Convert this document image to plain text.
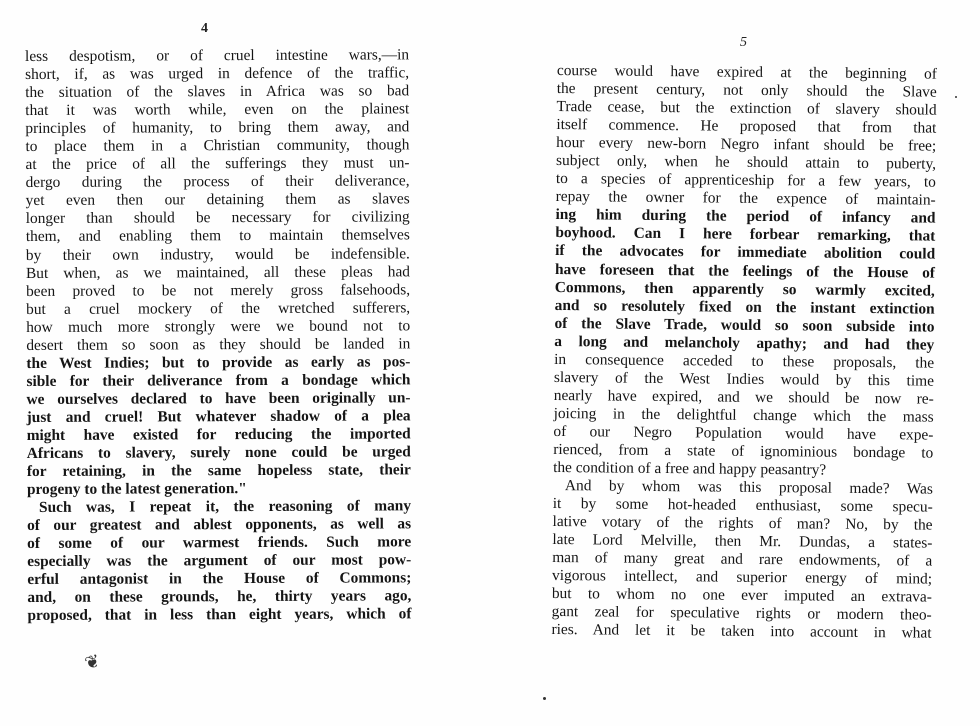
4
less despotism, or of cruel intestine wars,—in
short, if, as was urged in defence of the traffic,
the situation of the slaves in Africa was so bad
that it was worth while, even on the plainest
principles of humanity, to bring them away, and
to place them in a Christian community, though
at the price of all the sufferings they must un-
dergo during the process of their deliverance,
yet even then our detaining them as slaves
longer than should be necessary for civilizing
them, and enabling them to maintain themselves
by their own industry, would be indefensible.
But when, as we maintained, all these pleas had
been proved to be not merely gross falsehoods,
but a cruel mockery of the wretched sufferers,
how much more strongly were we bound not to
desert them so soon as they should be landed in
the West Indies; but to provide as early as pos-
sible for their deliverance from a bondage which
we ourselves declared to have been originally un-
just and cruel! But whatever shadow of a plea
might have existed for reducing the imported
Africans to slavery, surely none could be urged
for retaining, in the same hopeless state, their
progeny to the latest generation."
Such was, I repeat it, the reasoning of many
of our greatest and ablest opponents, as well as
of some of our warmest friends. Such more
especially was the argument of our most pow-
erful antagonist in the House of Commons;
and, on these grounds, he, thirty years ago,
proposed, that in less than eight years, which of
❦
5
course would have expired at the beginning of
the present century, not only should the Slave
Trade cease, but the extinction of slavery should
itself commence. He proposed that from that
hour every new-born Negro infant should be free;
subject only, when he should attain to puberty,
to a species of apprenticeship for a few years, to
repay the owner for the expence of maintain-
ing him during the period of infancy and
boyhood. Can I here forbear remarking, that
if the advocates for immediate abolition could
have foreseen that the feelings of the House of
Commons, then apparently so warmly excited,
and so resolutely fixed on the instant extinction
of the Slave Trade, would so soon subside into
a long and melancholy apathy; and had they
in consequence acceded to these proposals, the
slavery of the West Indies would by this time
nearly have expired, and we should be now re-
joicing in the delightful change which the mass
of our Negro Population would have expe-
rienced, from a state of ignominious bondage to
the condition of a free and happy peasantry?
And by whom was this proposal made? Was
it by some hot-headed enthusiast, some specu-
lative votary of the rights of man? No, by the
late Lord Melville, then Mr. Dundas, a states-
man of many great and rare endowments, of a
vigorous intellect, and superior energy of mind;
but to whom no one ever imputed an extrava-
gant zeal for speculative rights or modern theo-
ries. And let it be taken into account in what
